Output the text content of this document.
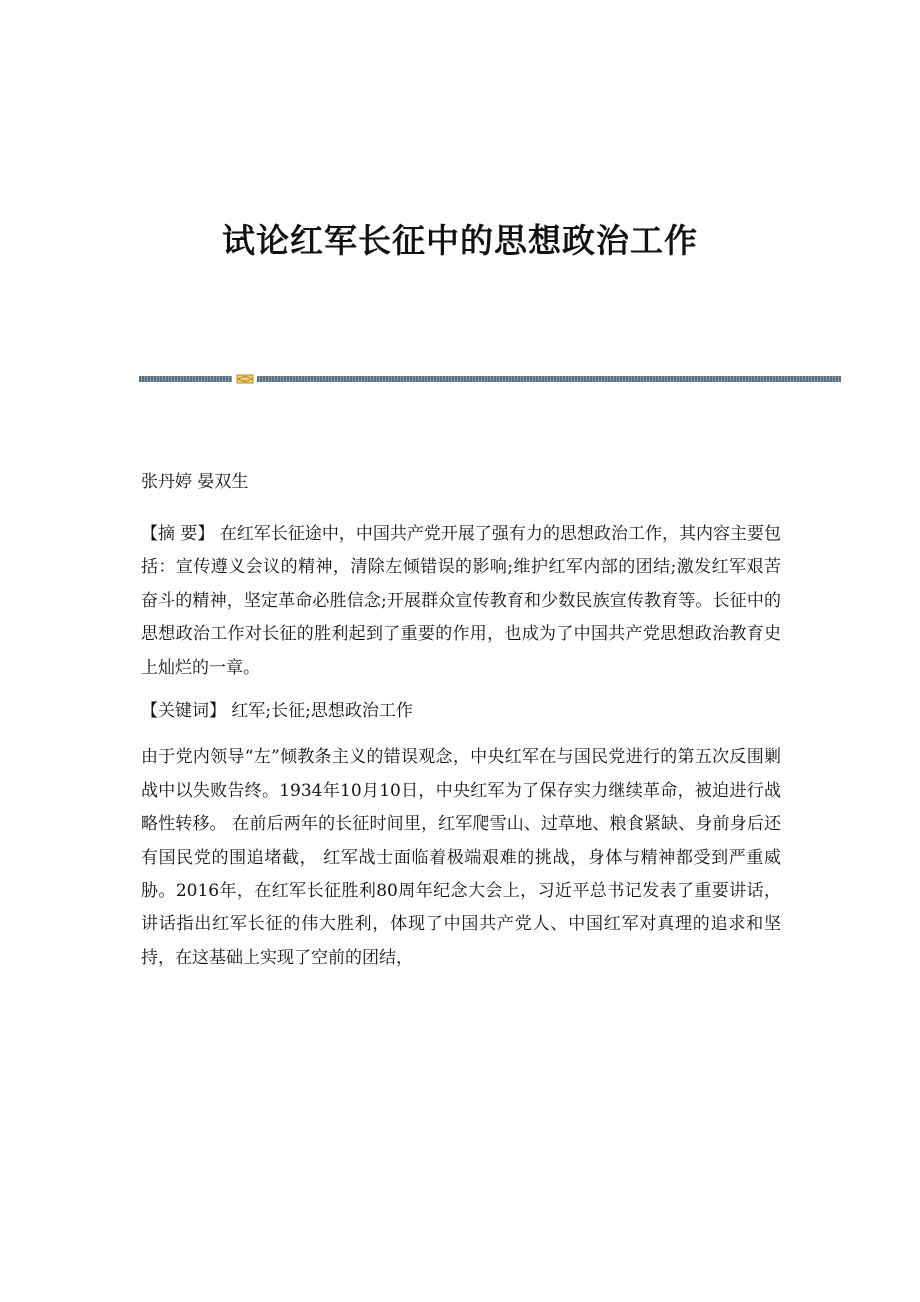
试论红军长征中的思想政治工作

张丹婷 晏双生

【摘 要】 在红军长征途中，中国共产党开展了强有力的思想政治工作，其内容主要包括：宣传遵义会议的精神，清除左倾错误的影响;维护红军内部的团结;激发红军艰苦奋斗的精神，坚定革命必胜信念;开展群众宣传教育和少数民族宣传教育等。长征中的思想政治工作对长征的胜利起到了重要的作用，也成为了中国共产党思想政治教育史上灿烂的一章。

【关键词】 红军;长征;思想政治工作

由于党内领导“左”倾教条主义的错误观念，中央红军在与国民党进行的第五次反围剿战中以失败告终。1934年10月10日，中央红军为了保存实力继续革命，被迫进行战略性转移。 在前后两年的长征时间里，红军爬雪山、过草地、粮食紧缺、身前身后还有国民党的围追堵截， 红军战士面临着极端艰难的挑战，身体与精神都受到严重威胁。2016年，在红军长征胜利80周年纪念大会上，习近平总书记发表了重要讲话，讲话指出红军长征的伟大胜利，体现了中国共产党人、中国红军对真理的追求和坚持，在这基础上实现了空前的团结，
